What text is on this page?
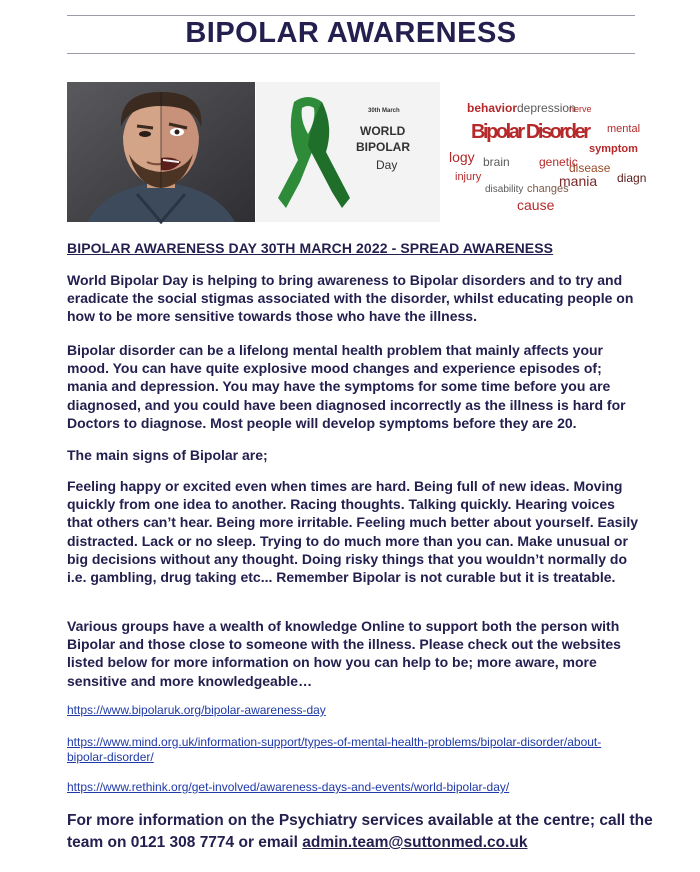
BIPOLAR AWARENESS
30th March
WORLD
BIPOLAR
Day
Bipolar Disorder
behavior depression
symptom
mania
brain genetic
disease
cause
injury
disability changes
logy
mental
diagn
nerve
BIPOLAR AWARENESS DAY 30TH MARCH 2022 - SPREAD AWARENESS
World Bipolar Day is helping to bring awareness to Bipolar disorders and to try and eradicate the social stigmas associated with the disorder, whilst educating people on how to be more sensitive towards those who have the illness.
Bipolar disorder can be a lifelong mental health problem that mainly affects your mood. You can have quite explosive mood changes and experience episodes of; mania and depression. You may have the symptoms for some time before you are diagnosed, and you could have been diagnosed incorrectly as the illness is hard for Doctors to diagnose. Most people will develop symptoms before they are 20.
The main signs of Bipolar are;
Feeling happy or excited even when times are hard. Being full of new ideas. Moving quickly from one idea to another. Racing thoughts. Talking quickly. Hearing voices that others can’t hear. Being more irritable. Feeling much better about yourself. Easily distracted. Lack or no sleep. Trying to do much more than you can. Make unusual or big decisions without any thought. Doing risky things that you wouldn’t normally do i.e. gambling, drug taking etc... Remember Bipolar is not curable but it is treatable.
Various groups have a wealth of knowledge Online to support both the person with Bipolar and those close to someone with the illness. Please check out the websites listed below for more information on how you can help to be; more aware, more sensitive and more knowledgeable…
https://www.bipolaruk.org/bipolar-awareness-day
https://www.mind.org.uk/information-support/types-of-mental-health-problems/bipolar-disorder/about-bipolar-disorder/
https://www.rethink.org/get-involved/awareness-days-and-events/world-bipolar-day/
For more information on the Psychiatry services available at the centre; call the team on 0121 308 7774 or email admin.team@suttonmed.co.uk
